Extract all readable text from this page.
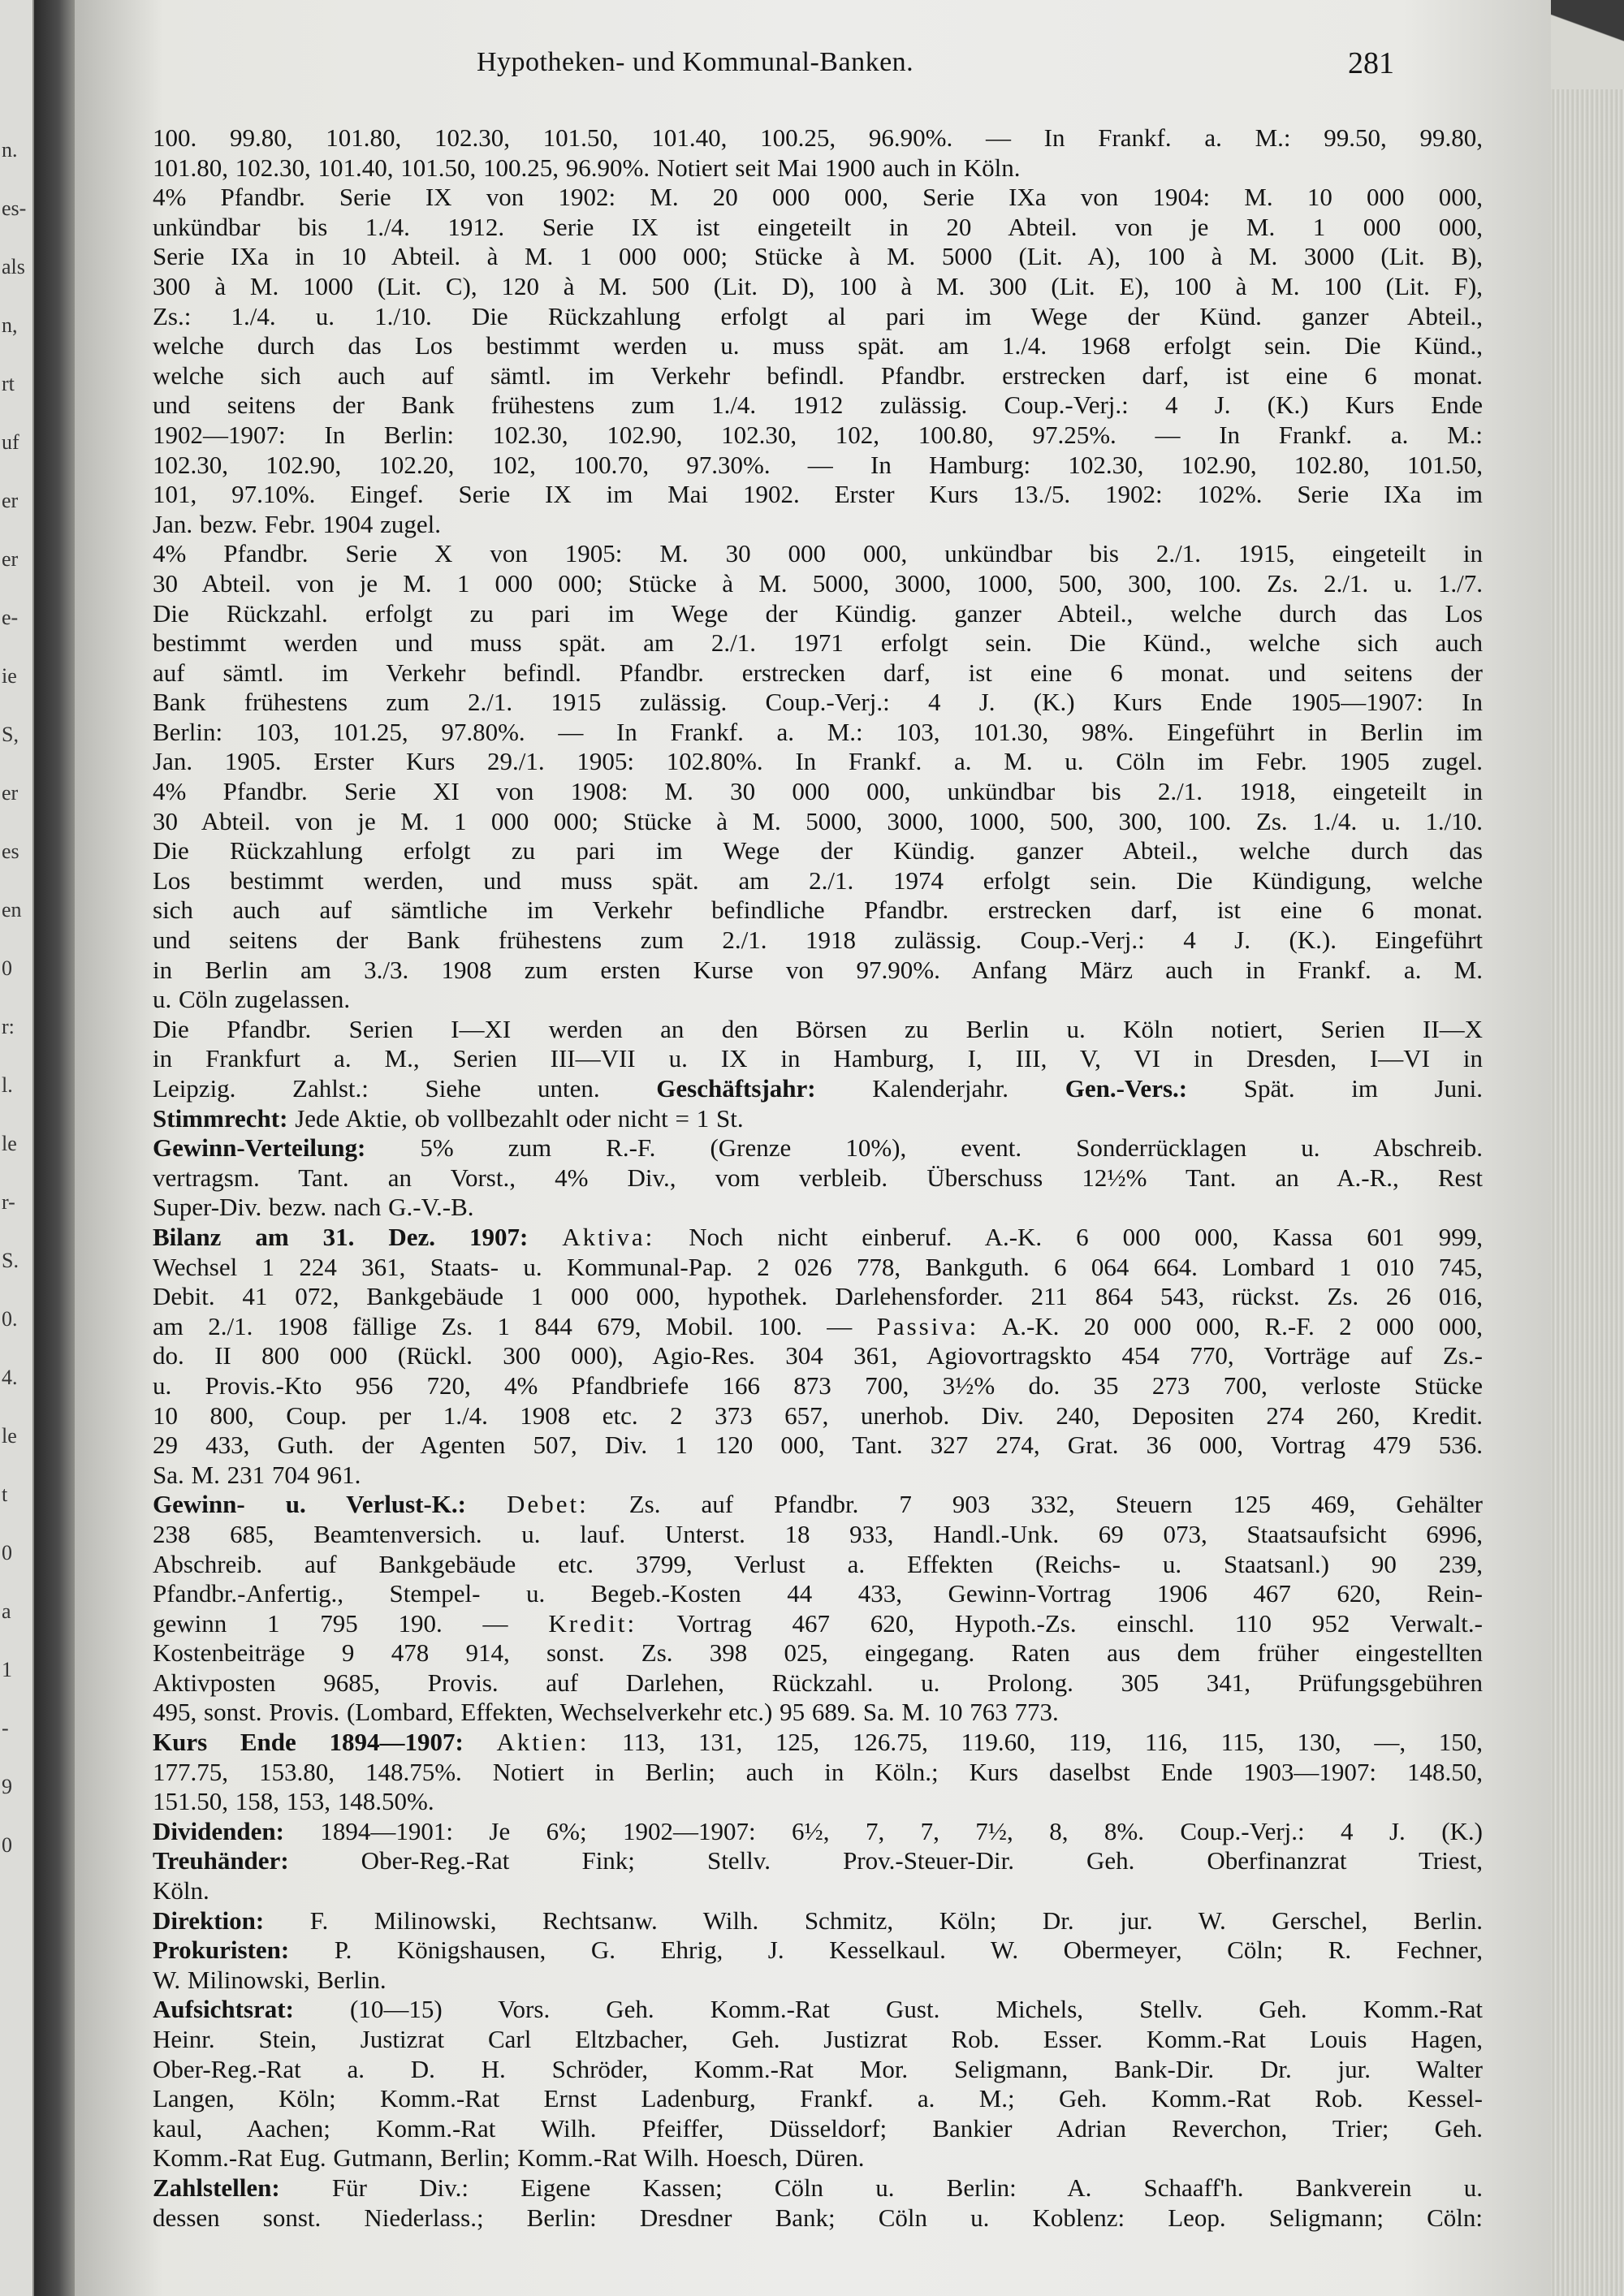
n.
es-
als
n,
rt
uf
er
er
e-
ie
S,
er
es
en
0
r:
l.
le
r-
S.
0.
4.
le
t
0
a
1
-
9
0
Hypotheken- und Kommunal-Banken.	281
100. 99.80, 101.80, 102.30, 101.50, 101.40, 100.25, 96.90%. — In Frankf. a. M.: 99.50, 99.80,
101.80, 102.30, 101.40, 101.50, 100.25, 96.90%. Notiert seit Mai 1900 auch in Köln.
4% Pfandbr. Serie IX von 1902: M. 20 000 000, Serie IXa von 1904: M. 10 000 000,
unkündbar bis 1./4. 1912. Serie IX ist eingeteilt in 20 Abteil. von je M. 1 000 000,
Serie IXa in 10 Abteil. à M. 1 000 000; Stücke à M. 5000 (Lit. A), 100 à M. 3000 (Lit. B),
300 à M. 1000 (Lit. C), 120 à M. 500 (Lit. D), 100 à M. 300 (Lit. E), 100 à M. 100 (Lit. F),
Zs.: 1./4. u. 1./10. Die Rückzahlung erfolgt al pari im Wege der Künd. ganzer Abteil.,
welche durch das Los bestimmt werden u. muss spät. am 1./4. 1968 erfolgt sein. Die Künd.,
welche sich auch auf sämtl. im Verkehr befindl. Pfandbr. erstrecken darf, ist eine 6 monat.
und seitens der Bank frühestens zum 1./4. 1912 zulässig. Coup.-Verj.: 4 J. (K.) Kurs Ende
1902—1907: In Berlin: 102.30, 102.90, 102.30, 102, 100.80, 97.25%. — In Frankf. a. M.:
102.30, 102.90, 102.20, 102, 100.70, 97.30%. — In Hamburg: 102.30, 102.90, 102.80, 101.50,
101, 97.10%. Eingef. Serie IX im Mai 1902. Erster Kurs 13./5. 1902: 102%. Serie IXa im
Jan. bezw. Febr. 1904 zugel.
4% Pfandbr. Serie X von 1905: M. 30 000 000, unkündbar bis 2./1. 1915, eingeteilt in
30 Abteil. von je M. 1 000 000; Stücke à M. 5000, 3000, 1000, 500, 300, 100. Zs. 2./1. u. 1./7.
Die Rückzahl. erfolgt zu pari im Wege der Kündig. ganzer Abteil., welche durch das Los
bestimmt werden und muss spät. am 2./1. 1971 erfolgt sein. Die Künd., welche sich auch
auf sämtl. im Verkehr befindl. Pfandbr. erstrecken darf, ist eine 6 monat. und seitens der
Bank frühestens zum 2./1. 1915 zulässig. Coup.-Verj.: 4 J. (K.) Kurs Ende 1905—1907: In
Berlin: 103, 101.25, 97.80%. — In Frankf. a. M.: 103, 101.30, 98%. Eingeführt in Berlin im
Jan. 1905. Erster Kurs 29./1. 1905: 102.80%. In Frankf. a. M. u. Cöln im Febr. 1905 zugel.
4% Pfandbr. Serie XI von 1908: M. 30 000 000, unkündbar bis 2./1. 1918, eingeteilt in
30 Abteil. von je M. 1 000 000; Stücke à M. 5000, 3000, 1000, 500, 300, 100. Zs. 1./4. u. 1./10.
Die Rückzahlung erfolgt zu pari im Wege der Kündig. ganzer Abteil., welche durch das
Los bestimmt werden, und muss spät. am 2./1. 1974 erfolgt sein. Die Kündigung, welche
sich auch auf sämtliche im Verkehr befindliche Pfandbr. erstrecken darf, ist eine 6 monat.
und seitens der Bank frühestens zum 2./1. 1918 zulässig. Coup.-Verj.: 4 J. (K.). Eingeführt
in Berlin am 3./3. 1908 zum ersten Kurse von 97.90%. Anfang März auch in Frankf. a. M.
u. Cöln zugelassen.
Die Pfandbr. Serien I—XI werden an den Börsen zu Berlin u. Köln notiert, Serien II—X
in Frankfurt a. M., Serien III—VII u. IX in Hamburg, I, III, V, VI in Dresden, I—VI in
Leipzig. Zahlst.: Siehe unten. Geschäftsjahr: Kalenderjahr. Gen.-Vers.: Spät. im Juni.
Stimmrecht: Jede Aktie, ob vollbezahlt oder nicht = 1 St.
Gewinn-Verteilung: 5% zum R.-F. (Grenze 10%), event. Sonderrücklagen u. Abschreib.
vertragsm. Tant. an Vorst., 4% Div., vom verbleib. Überschuss 12½% Tant. an A.-R., Rest
Super-Div. bezw. nach G.-V.-B.
Bilanz am 31. Dez. 1907: Aktiva: Noch nicht einberuf. A.-K. 6 000 000, Kassa 601 999,
Wechsel 1 224 361, Staats- u. Kommunal-Pap. 2 026 778, Bankguth. 6 064 664. Lombard 1 010 745,
Debit. 41 072, Bankgebäude 1 000 000, hypothek. Darlehensforder. 211 864 543, rückst. Zs. 26 016,
am 2./1. 1908 fällige Zs. 1 844 679, Mobil. 100. — Passiva: A.-K. 20 000 000, R.-F. 2 000 000,
do. II 800 000 (Rückl. 300 000), Agio-Res. 304 361, Agiovortragskto 454 770, Vorträge auf Zs.-
u. Provis.-Kto 956 720, 4% Pfandbriefe 166 873 700, 3½% do. 35 273 700, verloste Stücke
10 800, Coup. per 1./4. 1908 etc. 2 373 657, unerhob. Div. 240, Depositen 274 260, Kredit.
29 433, Guth. der Agenten 507, Div. 1 120 000, Tant. 327 274, Grat. 36 000, Vortrag 479 536.
Sa. M. 231 704 961.
Gewinn- u. Verlust-K.: Debet: Zs. auf Pfandbr. 7 903 332, Steuern 125 469, Gehälter
238 685, Beamtenversich. u. lauf. Unterst. 18 933, Handl.-Unk. 69 073, Staatsaufsicht 6996,
Abschreib. auf Bankgebäude etc. 3799, Verlust a. Effekten (Reichs- u. Staatsanl.) 90 239,
Pfandbr.-Anfertig., Stempel- u. Begeb.-Kosten 44 433, Gewinn-Vortrag 1906 467 620, Rein-
gewinn 1 795 190. — Kredit: Vortrag 467 620, Hypoth.-Zs. einschl. 110 952 Verwalt.-
Kostenbeiträge 9 478 914, sonst. Zs. 398 025, eingegang. Raten aus dem früher eingestellten
Aktivposten 9685, Provis. auf Darlehen, Rückzahl. u. Prolong. 305 341, Prüfungsgebühren
495, sonst. Provis. (Lombard, Effekten, Wechselverkehr etc.) 95 689. Sa. M. 10 763 773.
Kurs Ende 1894—1907: Aktien: 113, 131, 125, 126.75, 119.60, 119, 116, 115, 130, —, 150,
177.75, 153.80, 148.75%. Notiert in Berlin; auch in Köln.; Kurs daselbst Ende 1903—1907: 148.50,
151.50, 158, 153, 148.50%.
Dividenden: 1894—1901: Je 6%; 1902—1907: 6½, 7, 7, 7½, 8, 8%. Coup.-Verj.: 4 J. (K.)
Treuhänder: Ober-Reg.-Rat Fink; Stellv. Prov.-Steuer-Dir. Geh. Oberfinanzrat Triest,
Köln.
Direktion: F. Milinowski, Rechtsanw. Wilh. Schmitz, Köln; Dr. jur. W. Gerschel, Berlin.
Prokuristen: P. Königshausen, G. Ehrig, J. Kesselkaul. W. Obermeyer, Cöln; R. Fechner,
W. Milinowski, Berlin.
Aufsichtsrat: (10—15) Vors. Geh. Komm.-Rat Gust. Michels, Stellv. Geh. Komm.-Rat
Heinr. Stein, Justizrat Carl Eltzbacher, Geh. Justizrat Rob. Esser. Komm.-Rat Louis Hagen,
Ober-Reg.-Rat a. D. H. Schröder, Komm.-Rat Mor. Seligmann, Bank-Dir. Dr. jur. Walter
Langen, Köln; Komm.-Rat Ernst Ladenburg, Frankf. a. M.; Geh. Komm.-Rat Rob. Kessel-
kaul, Aachen; Komm.-Rat Wilh. Pfeiffer, Düsseldorf; Bankier Adrian Reverchon, Trier; Geh.
Komm.-Rat Eug. Gutmann, Berlin; Komm.-Rat Wilh. Hoesch, Düren.
Zahlstellen: Für Div.: Eigene Kassen; Cöln u. Berlin: A. Schaaff'h. Bankverein u.
dessen sonst. Niederlass.; Berlin: Dresdner Bank; Cöln u. Koblenz: Leop. Seligmann; Cöln:
